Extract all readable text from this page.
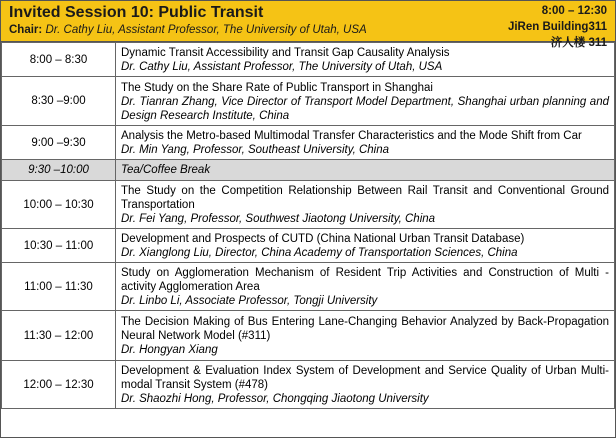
Invited Session 10: Public Transit
Chair: Dr. Cathy Liu, Assistant Professor, The University of Utah, USA
8:00 – 12:30
JiRen Building311
济人楼 311
8:00 – 8:30	Dynamic Transit Accessibility and Transit Gap Causality Analysis
Dr. Cathy Liu, Assistant Professor, The University of Utah, USA

8:30 –9:00	The Study on the Share Rate of Public Transport in Shanghai
Dr. Tianran Zhang, Vice Director of Transport Model Department, Shanghai urban planning and Design Research Institute, China

9:00 –9:30	Analysis the Metro-based Multimodal Transfer Characteristics and the Mode Shift from Car
Dr. Min Yang, Professor, Southeast University, China

9:30 –10:00	Tea/Coffee Break
10:00 – 10:30	The Study on the Competition Relationship Between Rail Transit and Conventional Ground Transportation
Dr. Fei Yang, Professor, Southwest Jiaotong University, China

10:30 – 11:00	Development and Prospects of CUTD (China National Urban Transit Database)
Dr. Xianglong Liu, Director, China Academy of Transportation Sciences, China

11:00 – 11:30	Study on Agglomeration Mechanism of Resident Trip Activities and Construction of Multi - activity Agglomeration Area
Dr. Linbo Li, Associate Professor, Tongji University

11:30 – 12:00	The Decision Making of Bus Entering Lane-Changing Behavior Analyzed by Back-Propagation Neural Network Model (#311)
Dr. Hongyan Xiang

12:00 – 12:30	Development & Evaluation Index System of Development and Service Quality of Urban Multi-modal Transit System (#478)
Dr. Shaozhi Hong, Professor, Chongqing Jiaotong University
